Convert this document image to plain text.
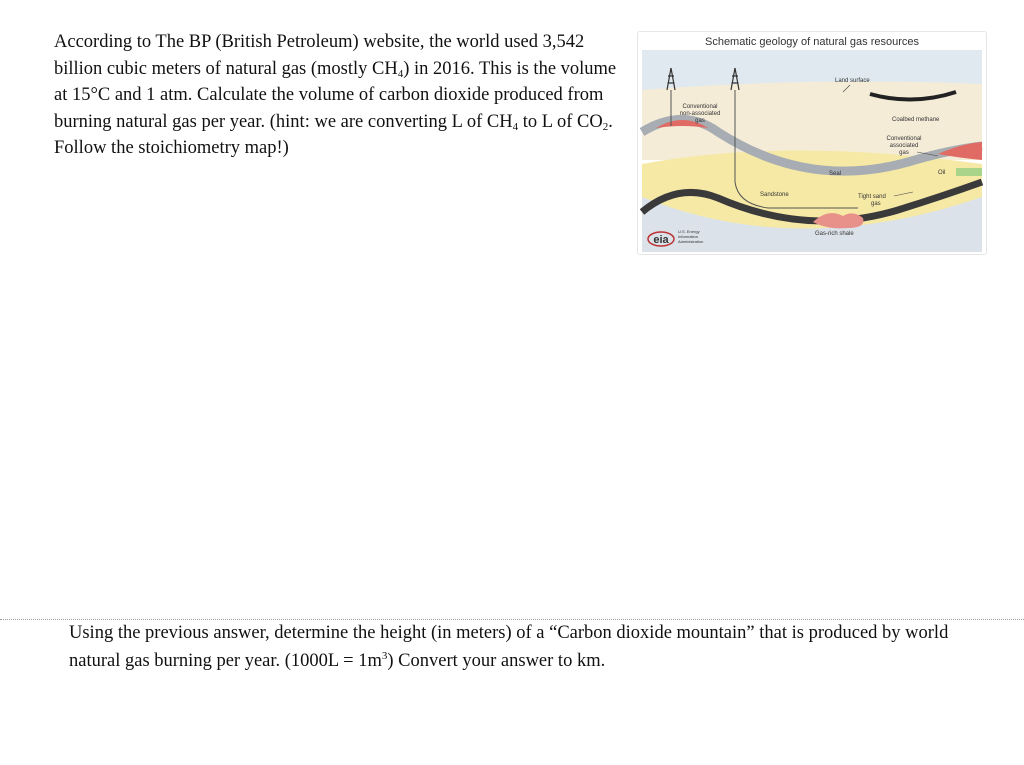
According to The BP (British Petroleum) website, the world used 3,542 billion cubic meters of natural gas (mostly $CH_4$) in 2016. This is the volume at 15°C and 1 atm. Calculate the volume of carbon dioxide produced from burning natural gas per year. (hint: we are converting L of $CH_4$ to L of $CO_2$. Follow the stoichiometry map!)
eia
U.S. Energy
Information
Administration
Land surface
Conventional
non-associated
gas	Coalbed methane
Conventional
associated
gas
Oil
Seal
Sandstone	Tight sand
gas
Gas-rich shale
Schematic geology of natural gas resources
Using the previous answer, determine the height (in meters) of a “Carbon dioxide mountain” that is produced by world natural gas burning per year. $(1000L = 1m^3)$ Convert your answer to km.
